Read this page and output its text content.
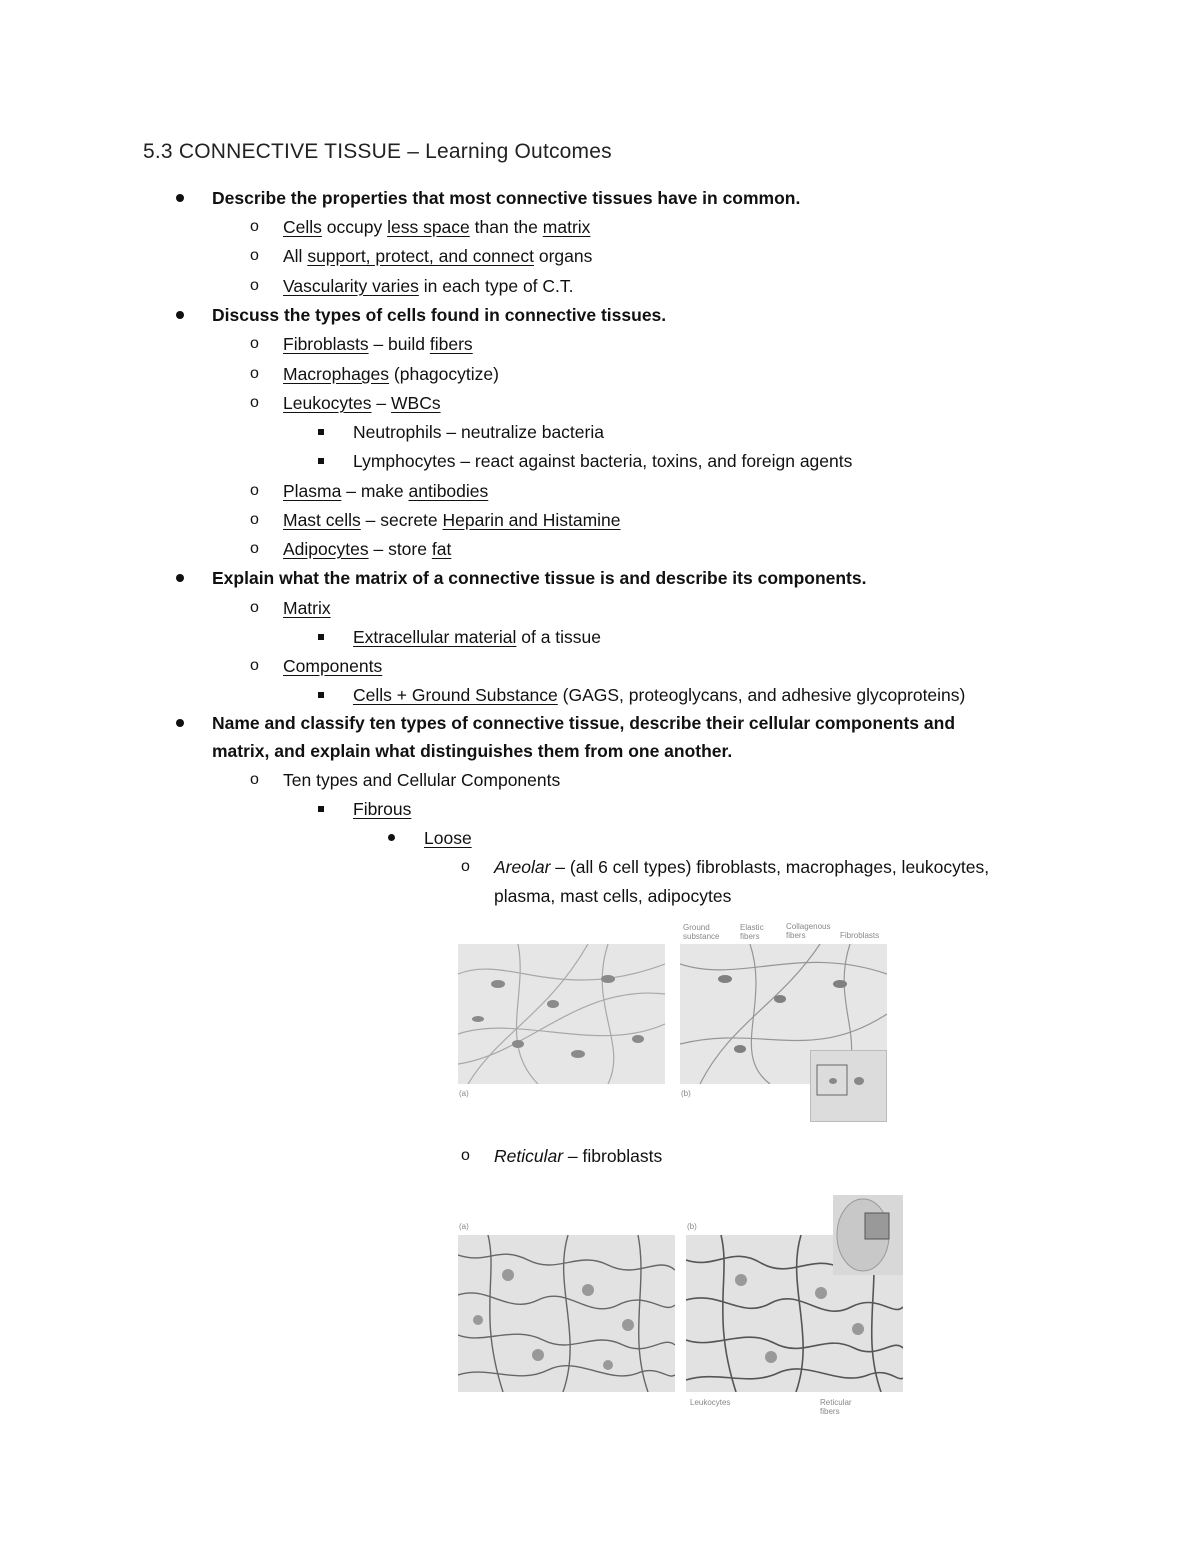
5.3 CONNECTIVE TISSUE – Learning Outcomes
Describe the properties that most connective tissues have in common.
o Cells occupy less space than the matrix
o All support, protect, and connect organs
o Vascularity varies in each type of C.T.
Discuss the types of cells found in connective tissues.
o Fibroblasts – build fibers
o Macrophages (phagocytize)
o Leukocytes – WBCs
Neutrophils – neutralize bacteria
Lymphocytes – react against bacteria, toxins, and foreign agents
o Plasma – make antibodies
o Mast cells – secrete Heparin and Histamine
o Adipocytes – store fat
Explain what the matrix of a connective tissue is and describe its components.
o Matrix
Extracellular material of a tissue
o Components
Cells + Ground Substance (GAGS, proteoglycans, and adhesive glycoproteins)
Name and classify ten types of connective tissue, describe their cellular components and
matrix, and explain what distinguishes them from one another.
o Ten types and Cellular Components
Fibrous
Loose
o Areolar – (all 6 cell types) fibroblasts, macrophages, leukocytes,
plasma, mast cells, adipocytes
(a)	(b)
Ground substance
Elastic fibers
Collagenous fibers	Fibroblasts
o Reticular – fibroblasts
(a)	(b)
Leukocytes	Reticular fibers
